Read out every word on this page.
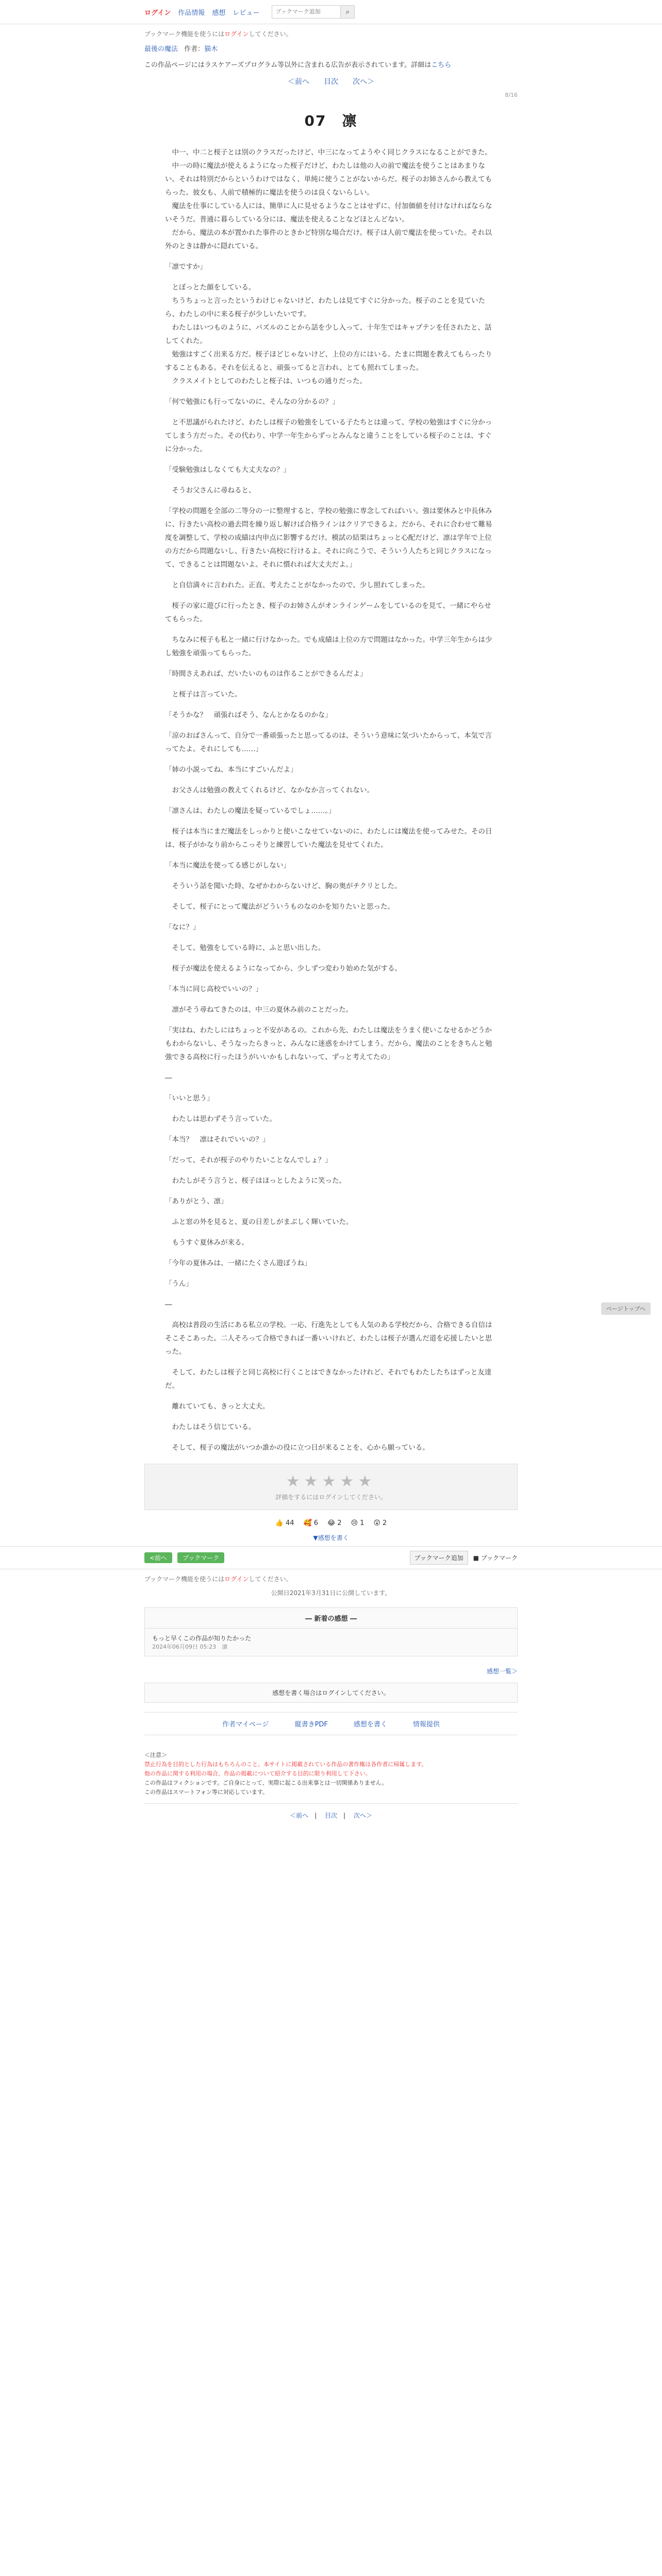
ログイン 作品情報 感想 レビュー
ブックマーク追加	⌕
ブックマーク機能を使うにはログインしてください。
最後の魔法 作者：猫木
この作品ページにはラスケアーズプログラム等以外に含まれる広告が表示されています。詳細はこちら
＜前へ 目次 次へ＞
8/16
07　凛

　中一、中二と桜子とは別のクラスだったけど、中三になってようやく同じクラスになることができた。
　中一の時に魔法が使えるようになった桜子だけど、わたしは他の人の前で魔法を使うことはあまりない。それは特別だからというわけではなく、単純に使うことがないからだ。桜子のお姉さんから教えてもらった。彼女も、人前で積極的に魔法を使うのは良くないらしい。
　魔法を仕事にしている人には、簡単に人に見せるようなことはせずに、付加価値を付けなければならないそうだ。普通に暮らしている分には、魔法を使えることなどほとんどない。
　だから、魔法の本が置かれた事件のときかど特別な場合だけ。桜子は人前で魔法を使っていた。それ以外のときは静かに隠れている。

「凛ですか」

　とぼっとた顔をしている。
　ちうちょっと言ったというわけじゃないけど、わたしは見てすぐに分かった。桜子のことを見ていたら、わたしの中に来る桜子が少しいたいです。
　わたしはいつものように、パズルのことから話を少し入って、十年生ではキャプテンを任されたと、話してくれた。
　勉強はすごく出来る方だ。桜子ほどじゃないけど、上位の方にはいる。たまに問題を教えてもらったりすることもある。それを伝えると、頑張ってると言われ、とても照れてしまった。
　クラスメイトとしてのわたしと桜子は、いつもの通りだった。

「何で勉強にも行ってないのに、そんなの分かるの？」

　と不思議がられたけど、わたしは桜子の勉強をしている子たちとは違って、学校の勉強はすぐに分かってしまう方だった。その代わり、中学一年生からずっとみんなと違うことをしている桜子のことは、すぐに分かった。

「受験勉強はしなくても大丈夫なの？」

　そうお父さんに尋ねると、

「学校の問題を全部の二等分の一に整理すると、学校の勉強に専念してればいい。強は要休みと中長休みに、行きたい高校の過去問を繰り返し解けば合格ラインはクリアできるよ。だから、それに合わせて難易度を調整して、学校の成績は内申点に影響するだけ。模試の結果はちょっと心配だけど、凛は学年で上位の方だから問題ないし、行きたい高校に行けるよ。それに向こうで、そういう人たちと同じクラスになって、できることは問題ないよ。それに慣れれば大丈夫だよ。」

　と自信満々に言われた。正直、考えたことがなかったので、少し照れてしまった。

　桜子の家に遊びに行ったとき、桜子のお姉さんがオンラインゲームをしているのを見て、一緒にやらせてもらった。

　ちなみに桜子も私と一緒に行けなかった。でも成績は上位の方で問題はなかった。中学三年生からは少し勉強を頑張ってもらった。

「時間さえあれば、だいたいのものは作ることができるんだよ」

　と桜子は言っていた。

「そうかな？　頑張ればそう、なんとかなるのかな」

「涼のおばさんって、自分で一番頑張ったと思ってるのは、そういう意味に気づいたからって、本気で言ってたよ。それにしても……」

「姉の小説ってね、本当にすごいんだよ」

　お父さんは勉強の教えてくれるけど、なかなか言ってくれない。

「凛さんは、わたしの魔法を疑っているでしょ……。」

　桜子は本当にまだ魔法をしっかりと使いこなせていないのに、わたしには魔法を使ってみせた。その日は、桜子がかなり前からこっそりと練習していた魔法を見せてくれた。

「本当に魔法を使ってる感じがしない」

　そういう話を聞いた時、なぜかわからないけど、胸の奥がチクリとした。

　そして、桜子にとって魔法がどういうものなのかを知りたいと思った。

「なに？」

　そして、勉強をしている時に、ふと思い出した。

　桜子が魔法を使えるようになってから、少しずつ変わり始めた気がする。

「本当に同じ高校でいいの？」

　凛がそう尋ねてきたのは、中三の夏休み前のことだった。

「実はね、わたしにはちょっと不安があるの。これから先、わたしは魔法をうまく使いこなせるかどうかもわからないし、そうなったらきっと、みんなに迷惑をかけてしまう。だから、魔法のことをきちんと勉強できる高校に行ったほうがいいかもしれないって、ずっと考えてたの」

―

「いいと思う」

　わたしは思わずそう言っていた。

「本当？　凛はそれでいいの？」

「だって、それが桜子のやりたいことなんでしょ？」

　わたしがそう言うと、桜子はほっとしたように笑った。

「ありがとう、凛」

　ふと窓の外を見ると、夏の日差しがまぶしく輝いていた。

　もうすぐ夏休みが来る。

「今年の夏休みは、一緒にたくさん遊ぼうね」

「うん」

―

　高校は普段の生活にある私立の学校。一応、行進先としても人気のある学校だから、合格できる自信はそこそこあった。二人そろって合格できれば一番いいけれど、わたしは桜子が選んだ道を応援したいと思った。

　そして、わたしは桜子と同じ高校に行くことはできなかったけれど、それでもわたしたちはずっと友達だ。

　離れていても、きっと大丈夫。

　わたしはそう信じている。

　そして、桜子の魔法がいつか誰かの役に立つ日が来ることを、心から願っている。

★★★★★
評価をするにはログインしてください。
👍 44 🥰 6 😂 2 😢 1 😲 2
▼感想を書く
<前へ	ブックマーク	ブックマーク追加	■ ブックマーク
ブックマーク機能を使うにはログインしてください。
公開日2021年3月31日に公開しています。
― 新着の感想 ―
もっと早くこの作品が知りたかった
2024年06月09日 05:23　 凛
感想一覧＞
感想を書く場合はログインしてください。
作者マイページ	縦書きPDF	感想を書く	情報提供
＜注意＞
禁止行為を目的とした行為はもちろんのこと、本サイトに掲載されている作品の著作権は各作者に帰属します。
他の作品に関する利用の場合、作品の掲載について紹介する目的に限り利用して下さい。
この作品はフィクションです。ご自身にとって、実際に起こる出来事とは一切関係ありません。
この作品はスマートフォン等に対応しています。
＜前へ　|　 目次　|　 次へ＞
ページトップへ
